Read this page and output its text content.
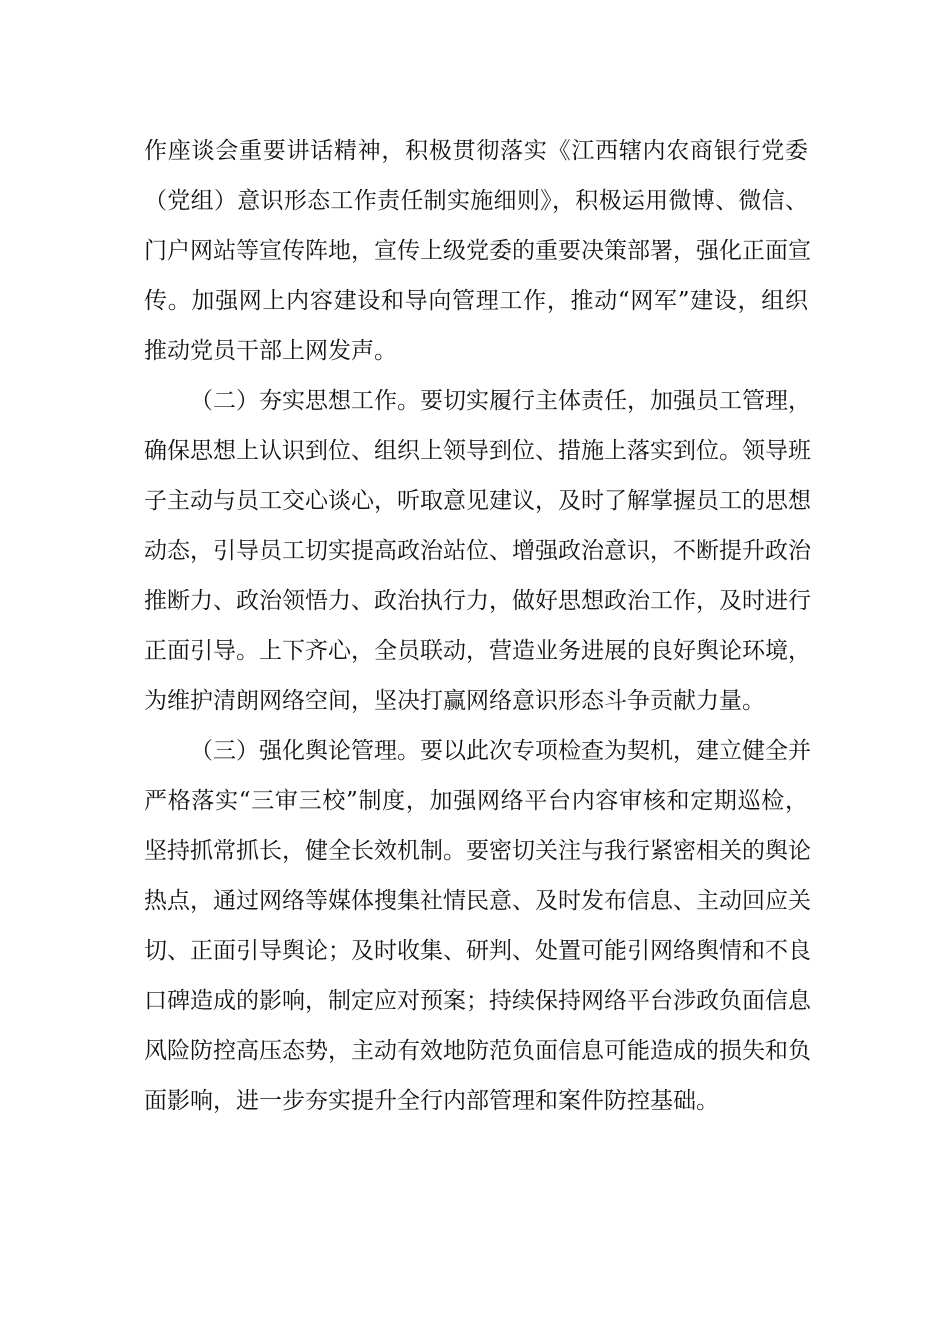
作座谈会重要讲话精神，积极贯彻落实《江西辖内农商银行党委
（党组）意识形态工作责任制实施细则》，积极运用微博、微信、
门户网站等宣传阵地，宣传上级党委的重要决策部署，强化正面宣
传。加强网上内容建设和导向管理工作，推动“网军”建设，组织
推动党员干部上网发声。
（二）夯实思想工作。要切实履行主体责任，加强员工管理，
确保思想上认识到位、组织上领导到位、措施上落实到位。领导班
子主动与员工交心谈心，听取意见建议，及时了解掌握员工的思想
动态，引导员工切实提高政治站位、增强政治意识，不断提升政治
推断力、政治领悟力、政治执行力，做好思想政治工作，及时进行
正面引导。上下齐心，全员联动，营造业务进展的良好舆论环境，
为维护清朗网络空间，坚决打赢网络意识形态斗争贡献力量。
（三）强化舆论管理。要以此次专项检查为契机，建立健全并
严格落实“三审三校”制度，加强网络平台内容审核和定期巡检，
坚持抓常抓长，健全长效机制。要密切关注与我行紧密相关的舆论
热点，通过网络等媒体搜集社情民意、及时发布信息、主动回应关
切、正面引导舆论；及时收集、研判、处置可能引网络舆情和不良
口碑造成的影响，制定应对预案；持续保持网络平台涉政负面信息
风险防控高压态势，主动有效地防范负面信息可能造成的损失和负
面影响，进一步夯实提升全行内部管理和案件防控基础。
